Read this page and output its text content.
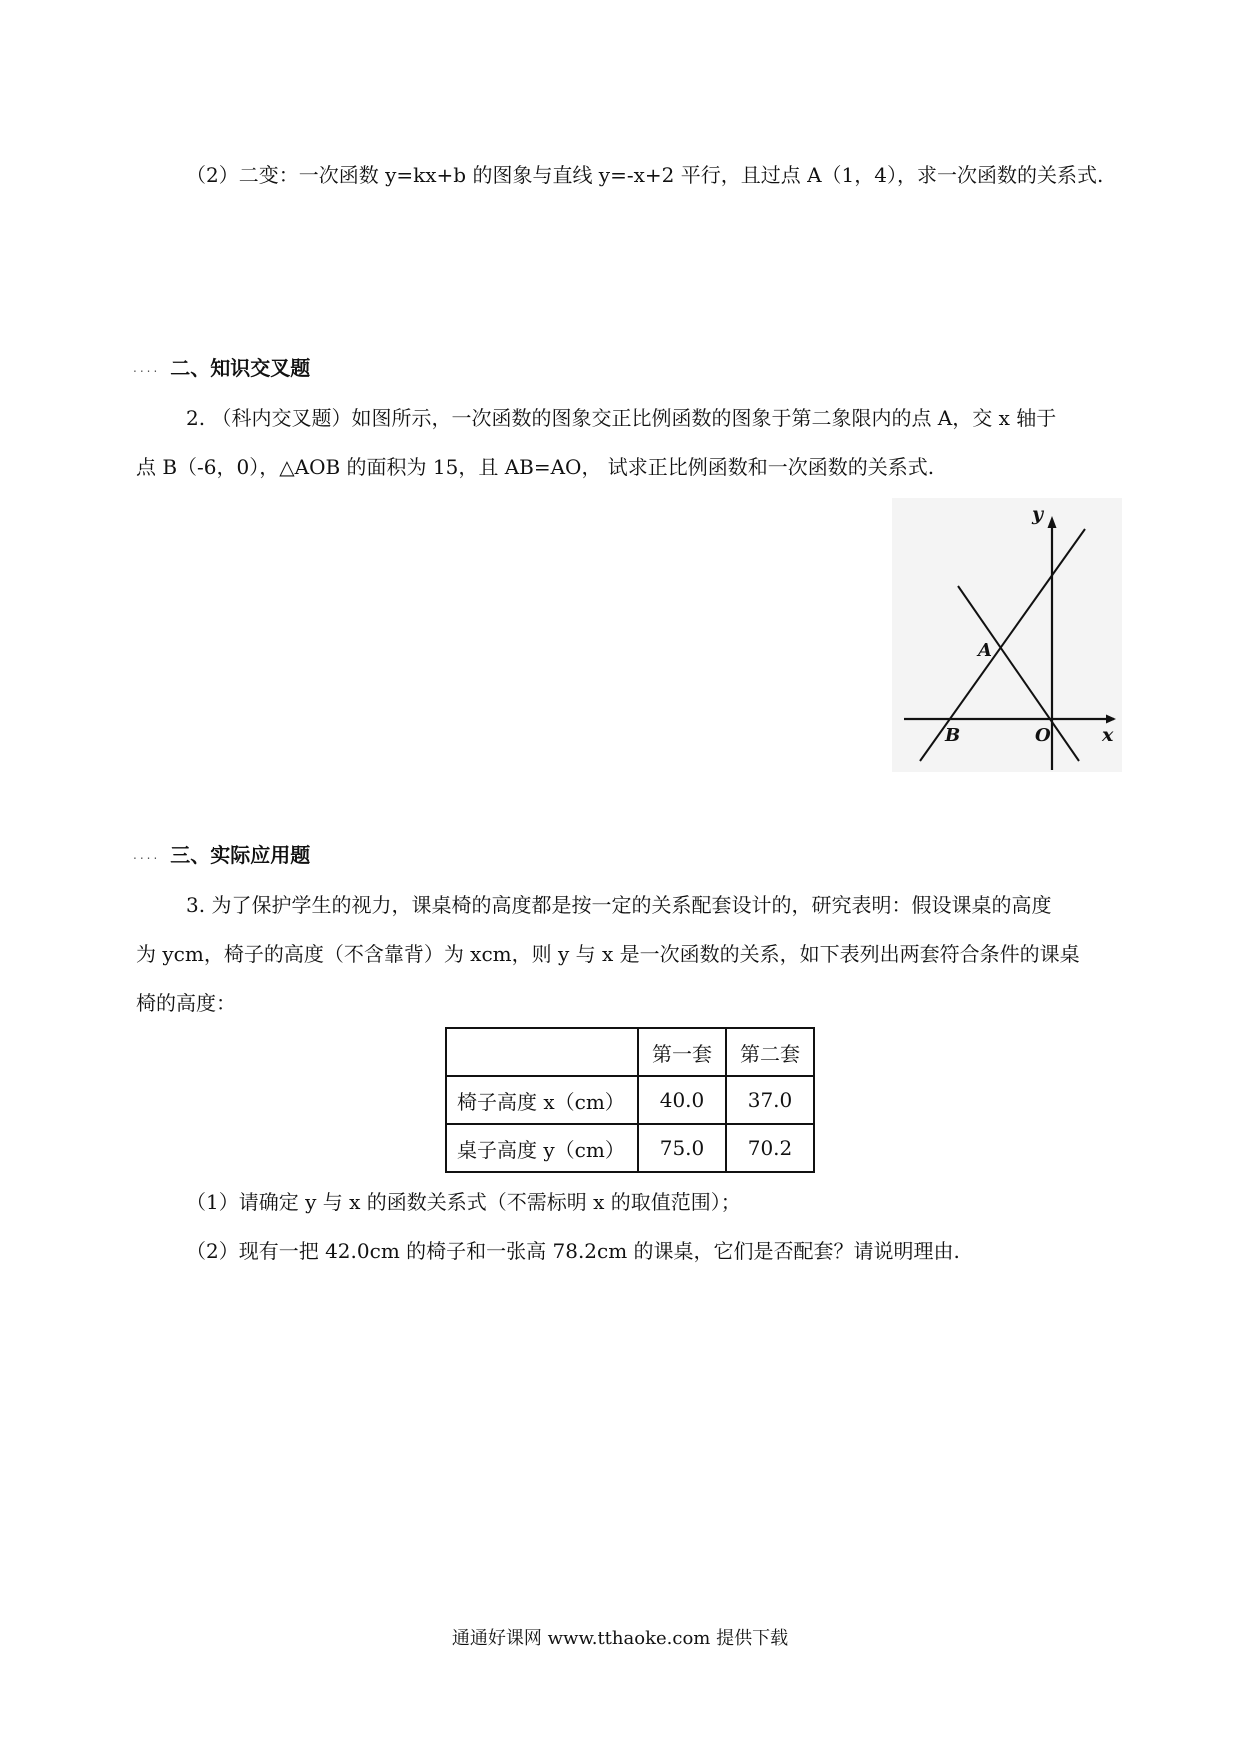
（2）二变：一次函数 y=kx+b 的图象与直线 y=-x+2 平行，且过点 A（1，4），求一次函数的关系式.
.... 二、知识交叉题
2. （科内交叉题）如图所示，一次函数的图象交正比例函数的图象于第二象限内的点 A，交 x 轴于
点 B（-6，0），△AOB 的面积为 15，且 AB=AO， 试求正比例函数和一次函数的关系式.
y
x
A
B	O
.... 三、实际应用题
3. 为了保护学生的视力，课桌椅的高度都是按一定的关系配套设计的，研究表明：假设课桌的高度
为 ycm，椅子的高度（不含靠背）为 xcm，则 y 与 x 是一次函数的关系，如下表列出两套符合条件的课桌
椅的高度：
	第一套	第二套
椅子高度 x（cm）	40.0	37.0
桌子高度 y（cm）	75.0	70.2
（1）请确定 y 与 x 的函数关系式（不需标明 x 的取值范围）；
（2）现有一把 42.0cm 的椅子和一张高 78.2cm 的课桌，它们是否配套？请说明理由.
通通好课网 www.tthaoke.com 提供下载
